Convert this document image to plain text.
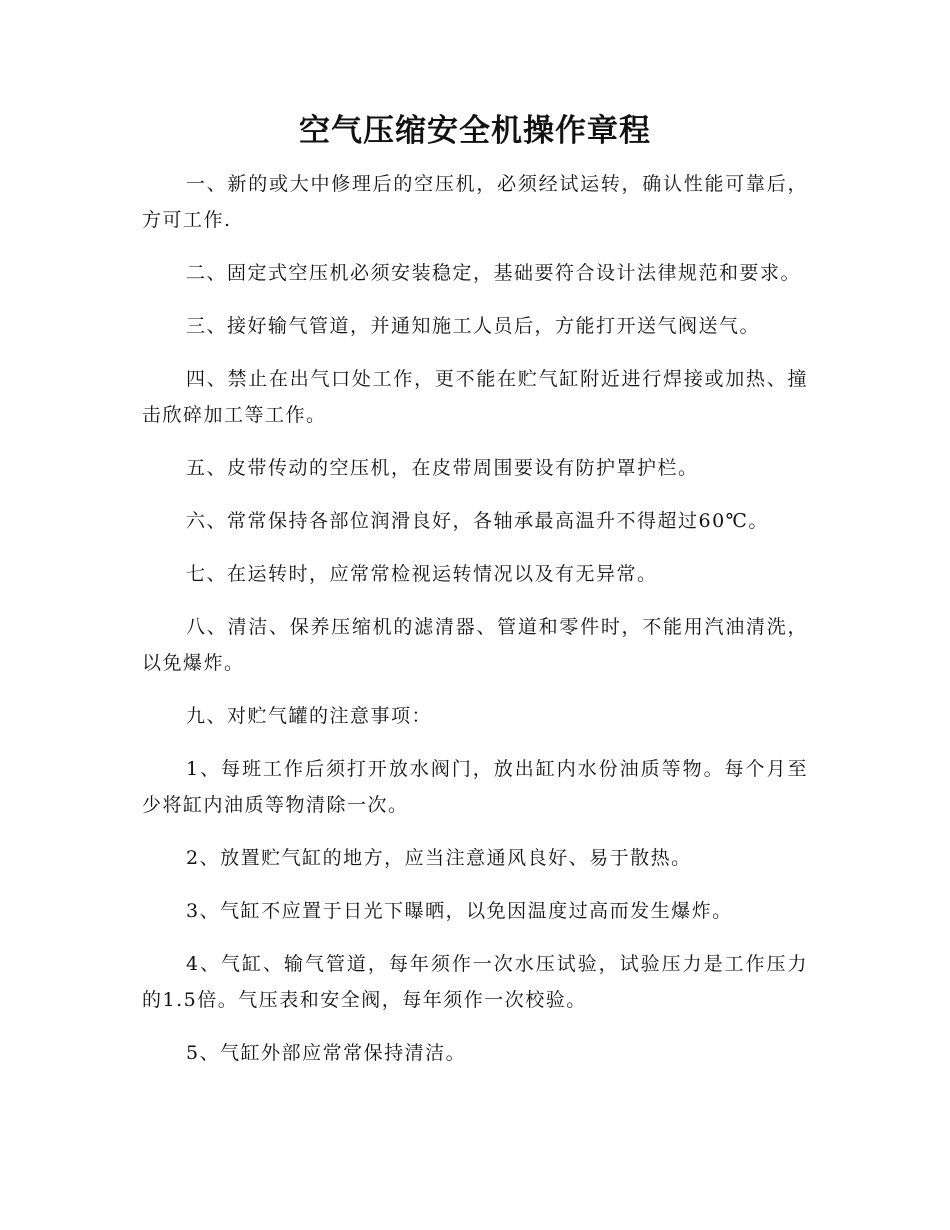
空气压缩安全机操作章程

一、新的或大中修理后的空压机，必须经试运转，确认性能可靠后，方可工作.

二、固定式空压机必须安装稳定，基础要符合设计法律规范和要求。

三、接好输气管道，并通知施工人员后，方能打开送气阀送气。

四、禁止在出气口处工作，更不能在贮气缸附近进行焊接或加热、撞击欣碎加工等工作。

五、皮带传动的空压机，在皮带周围要设有防护罩护栏。

六、常常保持各部位润滑良好，各轴承最高温升不得超过60℃。

七、在运转时，应常常检视运转情况以及有无异常。

八、清洁、保养压缩机的滤清器、管道和零件时，不能用汽油清洗，以免爆炸。

九、对贮气罐的注意事项：

1、每班工作后须打开放水阀门，放出缸内水份油质等物。每个月至少将缸内油质等物清除一次。

2、放置贮气缸的地方，应当注意通风良好、易于散热。

3、气缸不应置于日光下曝晒，以免因温度过高而发生爆炸。

4、气缸、输气管道，每年须作一次水压试验，试验压力是工作压力的1.5倍。气压表和安全阀，每年须作一次校验。

5、气缸外部应常常保持清洁。
